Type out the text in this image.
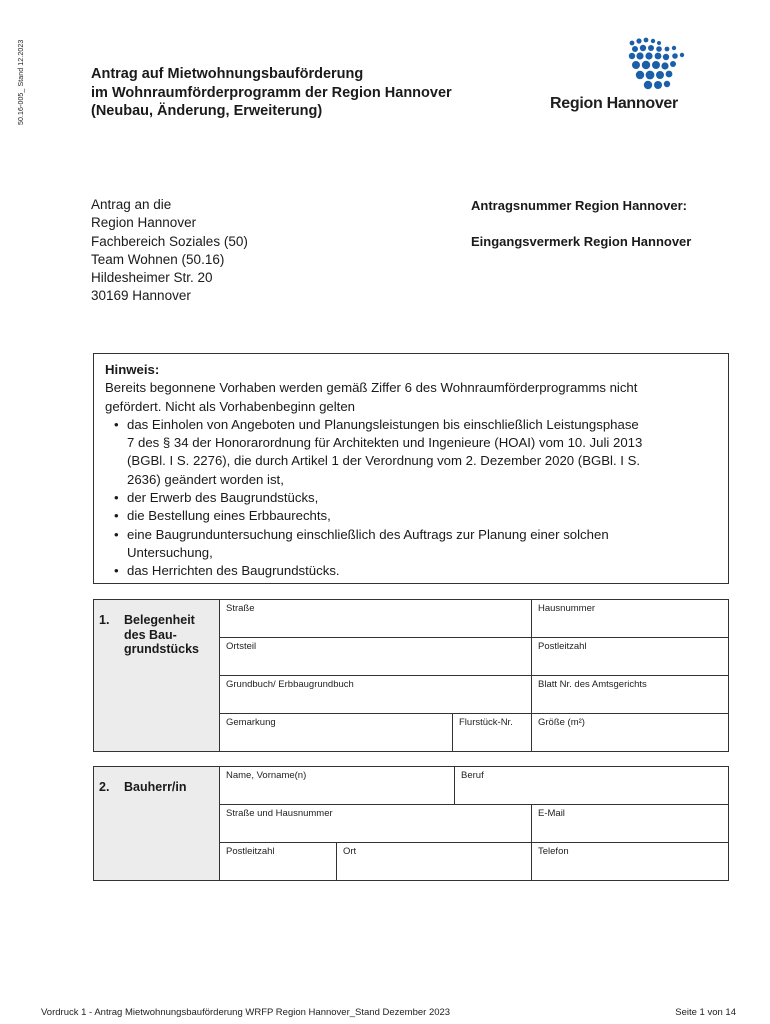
50.16-005_ Stand 12.2023	Antrag auf Mietwohnungsbauförderung
im Wohnraumförderprogramm der Region Hannover
(Neubau, Änderung, Erweiterung)	Region Hannover
Antrag an die
Region Hannover
Fachbereich Soziales (50)
Team Wohnen (50.16)
Hildesheimer Str. 20
30169 Hannover
Antragsnummer Region Hannover:
Eingangsvermerk Region Hannover
Hinweis:
Bereits begonnene Vorhaben werden gemäß Ziffer 6 des Wohnraumförderprogramms nicht
gefördert. Nicht als Vorhabenbeginn gelten
• das Einholen von Angeboten und Planungsleistungen bis einschließlich Leistungsphase
7 des § 34 der Honorarordnung für Architekten und Ingenieure (HOAI) vom 10. Juli 2013
(BGBl. I S. 2276), die durch Artikel 1 der Verordnung vom 2. Dezember 2020 (BGBl. I S.
2636) geändert worden ist,
• der Erwerb des Baugrundstücks,
• die Bestellung eines Erbbaurechts,
• eine Baugrunduntersuchung einschließlich des Auftrags zur Planung einer solchen
Untersuchung,
• das Herrichten des Baugrundstücks.
1. Belegenheit
des Bau-
grundstücks
Straße	Hausnummer
Ortsteil	Postleitzahl
Grundbuch/ Erbbaugrundbuch	Blatt Nr. des Amtsgerichts
Gemarkung	Flurstück-Nr.	Größe (m²)
2. Bauherr/in
Name, Vorname(n)	Beruf
Straße und Hausnummer	E-Mail
Postleitzahl	Ort	Telefon
Vordruck 1 - Antrag Mietwohnungsbauförderung WRFP Region Hannover_Stand Dezember 2023	Seite 1 von 14
